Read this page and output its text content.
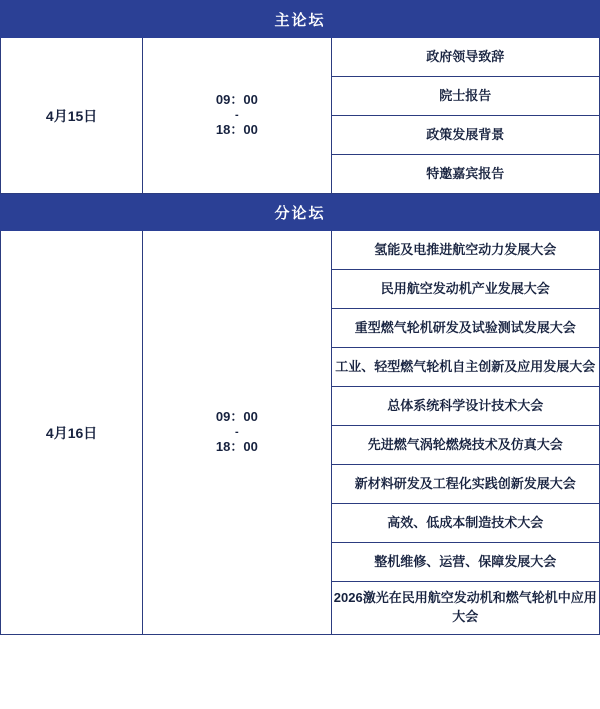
主论坛		
4月15日	09：00
-
18：00	政府领导致辞
		院士报告
		政策发展背景
		特邀嘉宾报告
分论坛		
4月16日	09：00
-
18：00	氢能及电推进航空动力发展大会
		民用航空发动机产业发展大会
		重型燃气轮机研发及试验测试发展大会
		工业、轻型燃气轮机自主创新及应用发展大会
		总体系统科学设计技术大会
		先进燃气涡轮燃烧技术及仿真大会
		新材料研发及工程化实践创新发展大会
		高效、低成本制造技术大会
		整机维修、运营、保障发展大会
		2026激光在民用航空发动机和燃气轮机中应用大会
